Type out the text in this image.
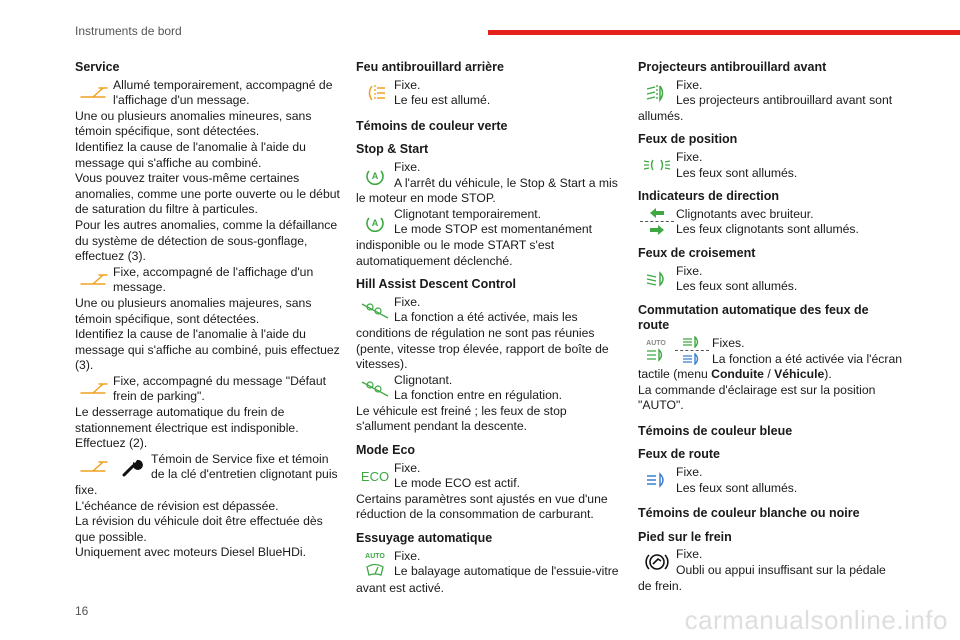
Instruments de bord
Service

Allumé temporairement, accompagné de

l'affichage d'un message.

Une ou plusieurs anomalies mineures, sans témoin spécifique, sont détectées.

Identifiez la cause de l'anomalie à l'aide du message qui s'affiche au combiné.

Vous pouvez traiter vous-même certaines anomalies, comme une porte ouverte ou le début de saturation du filtre à particules.

Pour les autres anomalies, comme la défaillance du système de détection de sous-gonflage, effectuez (3).

Fixe, accompagné de l'affichage d'un

message.

Une ou plusieurs anomalies majeures, sans témoin spécifique, sont détectées.

Identifiez la cause de l'anomalie à l'aide du message qui s'affiche au combiné, puis effectuez (3).

Fixe, accompagné du message "Défaut

frein de parking".

Le desserrage automatique du frein de stationnement électrique est indisponible.

Effectuez (2).

Témoin de Service fixe et témoin

de la clé d'entretien clignotant puis

fixe.

L'échéance de révision est dépassée.

La révision du véhicule doit être effectuée dès que possible.

Uniquement avec moteurs Diesel BlueHDi.

Feu antibrouillard arrière

Fixe.

Le feu est allumé.

Témoins de couleur verte
Stop & Start
A

Fixe.

A l'arrêt du véhicule, le Stop & Start a mis

le moteur en mode STOP.

A

Clignotant temporairement.

Le mode STOP est momentanément

indisponible ou le mode START s'est automatiquement déclenché.

Hill Assist Descent Control

Fixe.

La fonction a été activée, mais les

conditions de régulation ne sont pas réunies (pente, vitesse trop élevée, rapport de boîte de vitesses).

Clignotant.

La fonction entre en régulation.

Le véhicule est freiné ; les feux de stop s'allument pendant la descente.

Mode Eco
ECO

Fixe.

Le mode ECO est actif.

Certains paramètres sont ajustés en vue d'une réduction de la consommation de carburant.

Essuyage automatique
AUTO Fixe.

Le balayage automatique de l'essuie-vitre

avant est activé.

Projecteurs antibrouillard avant

Fixe.

Les projecteurs antibrouillard avant sont

allumés.

Feux de position

Fixe.

Les feux sont allumés.

Indicateurs de direction

Clignotants avec bruiteur.

Les feux clignotants sont allumés.

Feux de croisement

Fixe.

Les feux sont allumés.

Commutation automatique des feux de route
AUTO	Fixes.

La fonction a été activée via l'écran

tactile (menu Conduite / Véhicule).

La commande d'éclairage est sur la position "AUTO".

Témoins de couleur bleue
Feux de route

Fixe.

Les feux sont allumés.

Témoins de couleur blanche ou noire
Pied sur le frein

Fixe.

Oubli ou appui insuffisant sur la pédale

de frein.

16	carmanualsonline.info
